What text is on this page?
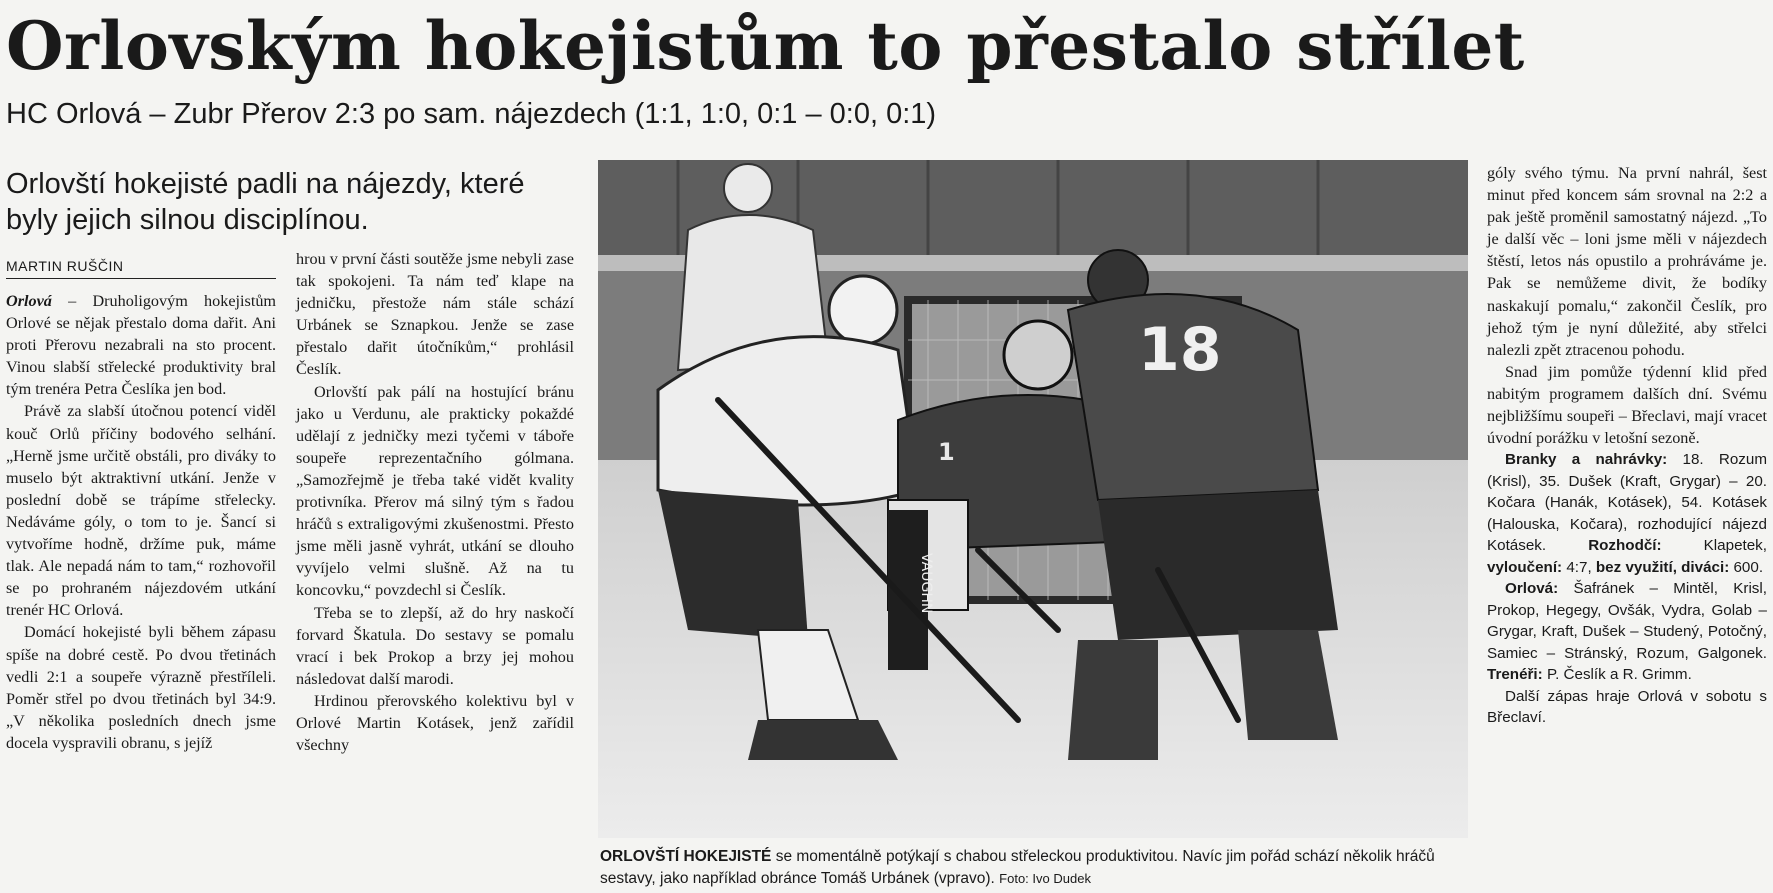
Orlovským hokejistům to přestalo střílet
HC Orlová – Zubr Přerov 2:3 po sam. nájezdech (1:1, 1:0, 0:1 – 0:0, 0:1)
Orlovští hokejisté padli na nájezdy, které byly jejich silnou disciplínou.
MARTIN RUŠČIN

Orlová – Druholigovým hokejistům Orlové se nějak přestalo doma dařit. Ani proti Přerovu nezabrali na sto procent. Vinou slabší střelecké produktivity bral tým trenéra Petra Česlíka jen bod.

Právě za slabší útočnou potencí viděl kouč Orlů příčiny bodového selhání. „Herně jsme určitě obstáli, pro diváky to muselo být aktraktivní utkání. Jenže v poslední době se trápíme střelecky. Nedáváme góly, o tom to je. Šancí si vytvoříme hodně, držíme puk, máme tlak. Ale nepadá nám to tam,“ rozhovořil se po prohraném nájezdovém utkání trenér HC Orlová.

Domácí hokejisté byli během zápasu spíše na dobré cestě. Po dvou třetinách vedli 2:1 a soupeře výrazně přestříleli. Poměr střel po dvou třetinách byl 34:9. „V několika posledních dnech jsme docela vyspravili obranu, s jejíž

hrou v první části soutěže jsme nebyli zase tak spokojeni. Ta nám teď klape na jedničku, přestože nám stále schází Urbánek se Sznapkou. Jenže se zase přestalo dařit útočníkům,“ prohlásil Česlík.

Orlovští pak pálí na hostující bránu jako u Verdunu, ale prakticky pokaždé udělají z jedničky mezi tyčemi v táboře soupeře reprezentačního gólmana. „Samozřejmě je třeba také vidět kvality protivníka. Přerov má silný tým s řadou hráčů s extraligovými zkušenostmi. Přesto jsme měli jasně vyhrát, utkání se dlouho vyvíjelo velmi slušně. Až na tu koncovku,“ povzdechl si Česlík.

Třeba se to zlepší, až do hry naskočí forvard Škatula. Do sestavy se pomalu vrací i bek Prokop a brzy jej mohou následovat další marodi.

Hrdinou přerovského kolektivu byl v Orlové Martin Kotásek, jenž zařídil všechny

VAUGHN
1
18
ORLOVŠTÍ HOKEJISTÉ se momentálně potýkají s chabou střeleckou produktivitou. Navíc jim pořád schází několik hráčů sestavy, jako například obránce Tomáš Urbánek (vpravo). Foto: Ivo Dudek

góly svého týmu. Na první nahrál, šest minut před koncem sám srovnal na 2:2 a pak ještě proměnil samostatný nájezd. „To je další věc – loni jsme měli v nájezdech štěstí, letos nás opustilo a prohráváme je. Pak se nemůžeme divit, že bodíky naskakují pomalu,“ zakončil Česlík, pro jehož tým je nyní důležité, aby střelci nalezli zpět ztracenou pohodu.

Snad jim pomůže týdenní klid před nabitým programem dalších dní. Svému nejbližšímu soupeři – Břeclavi, mají vracet úvodní porážku v letošní sezoně.

Branky a nahrávky: 18. Rozum (Krisl), 35. Dušek (Kraft, Grygar) – 20. Kočara (Hanák, Kotásek), 54. Kotásek (Halouska, Kočara), rozhodující nájezd Kotásek. Rozhodčí: Klapetek, vyloučení: 4:7, bez využití, diváci: 600.

Orlová: Šafránek – Mintěl, Krisl, Prokop, Hegegy, Ovšák, Vydra, Golab – Grygar, Kraft, Dušek – Studený, Potočný, Samiec – Stránský, Rozum, Galgonek. Trenéři: P. Česlík a R. Grimm.

Další zápas hraje Orlová v sobotu s Břeclaví.
